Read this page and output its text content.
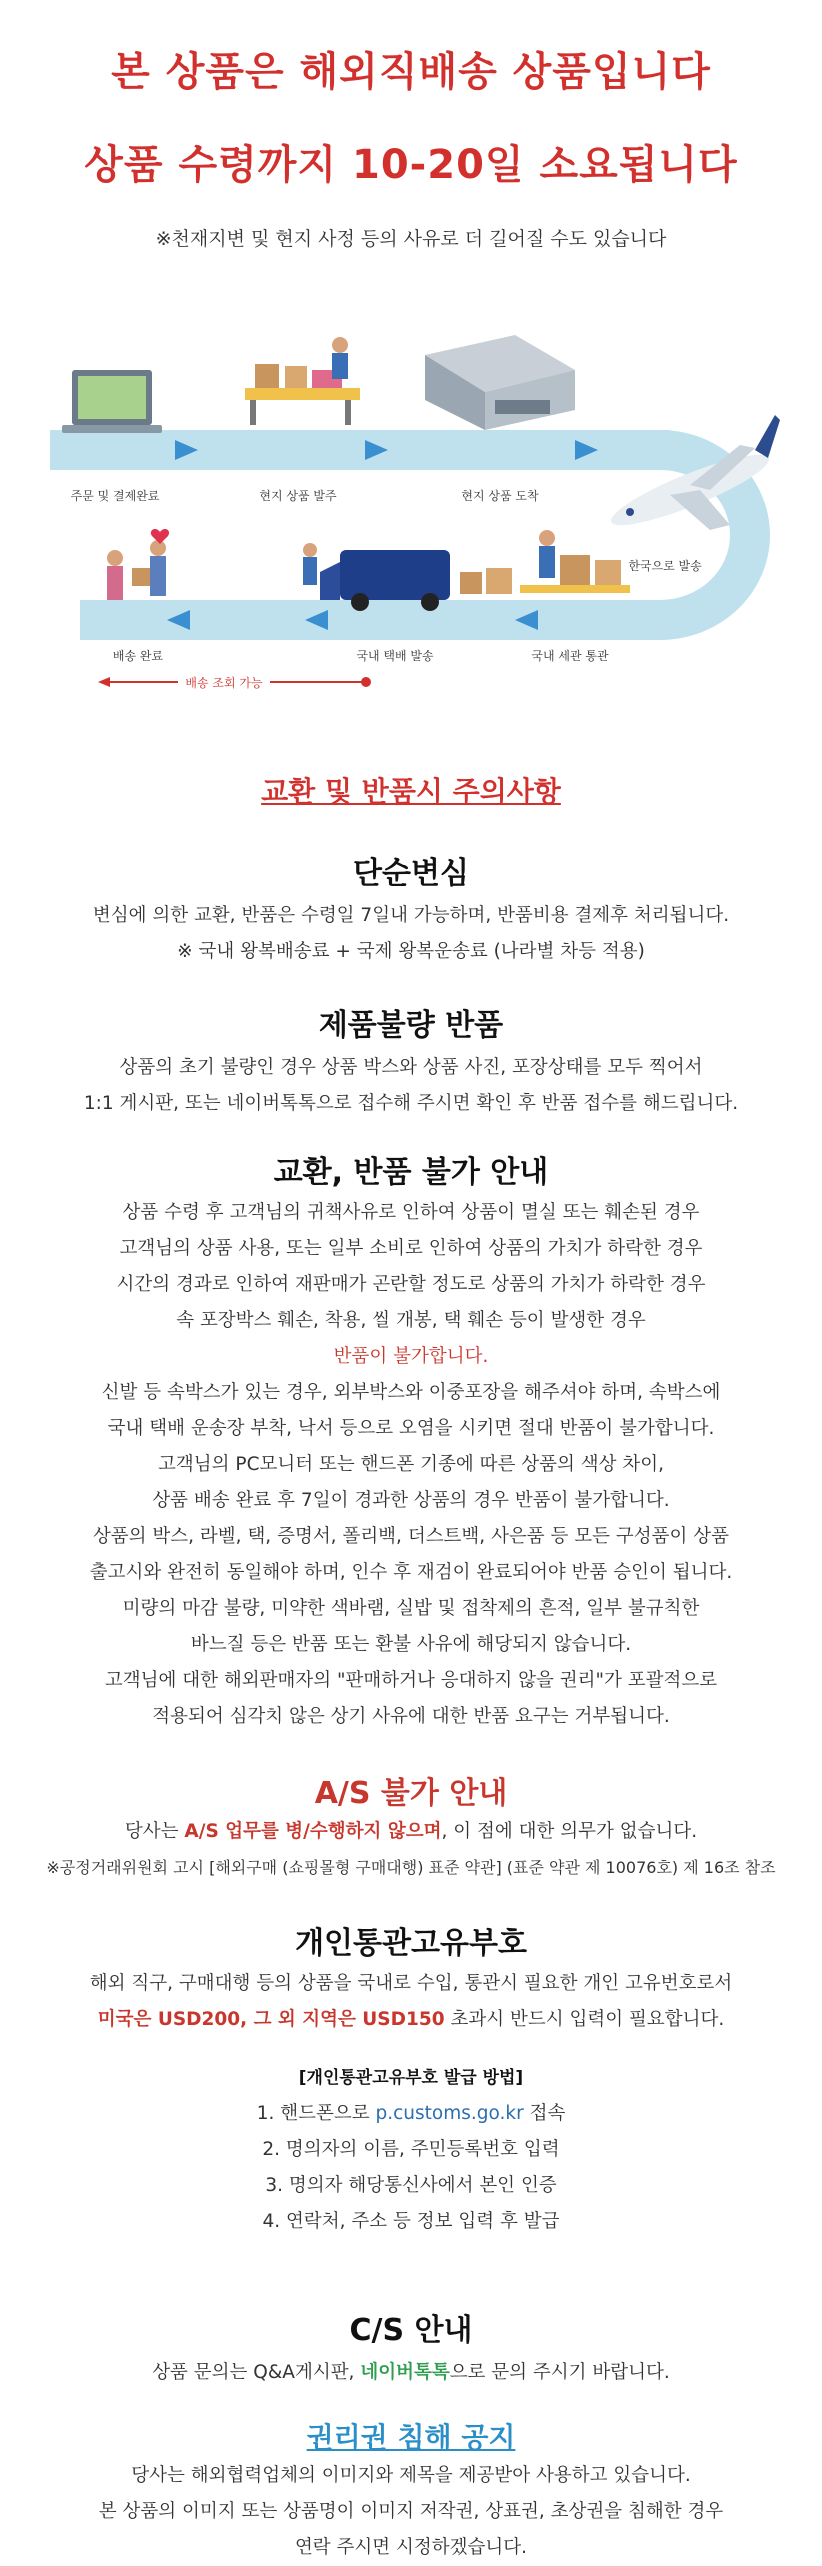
본 상품은 해외직배송 상품입니다
상품 수령까지 10-20일 소요됩니다
※천재지변 및 현지 사정 등의 사유로 더 길어질 수도 있습니다
주문 및 결제완료	현지 상품 발주	현지 상품 도착
한국으로 발송
국내 세관 통관
국내 택배 발송
배송 완료
배송 조회 가능
교환 및 반품시 주의사항
단순변심
변심에 의한 교환, 반품은 수령일 7일내 가능하며, 반품비용 결제후 처리됩니다.
※ 국내 왕복배송료 + 국제 왕복운송료 (나라별 차등 적용)
제품불량 반품
상품의 초기 불량인 경우 상품 박스와 상품 사진, 포장상태를 모두 찍어서
1:1 게시판, 또는 네이버톡톡으로 접수해 주시면 확인 후 반품 접수를 해드립니다.
교환, 반품 불가 안내
상품 수령 후 고객님의 귀책사유로 인하여 상품이 멸실 또는 훼손된 경우
고객님의 상품 사용, 또는 일부 소비로 인하여 상품의 가치가 하락한 경우
시간의 경과로 인하여 재판매가 곤란할 정도로 상품의 가치가 하락한 경우
속 포장박스 훼손, 착용, 씰 개봉, 택 훼손 등이 발생한 경우
반품이 불가합니다.
신발 등 속박스가 있는 경우, 외부박스와 이중포장을 해주셔야 하며, 속박스에
국내 택배 운송장 부착, 낙서 등으로 오염을 시키면 절대 반품이 불가합니다.
고객님의 PC모니터 또는 핸드폰 기종에 따른 상품의 색상 차이,
상품 배송 완료 후 7일이 경과한 상품의 경우 반품이 불가합니다.
상품의 박스, 라벨, 택, 증명서, 폴리백, 더스트백, 사은품 등 모든 구성품이 상품
출고시와 완전히 동일해야 하며, 인수 후 재검이 완료되어야 반품 승인이 됩니다.
미량의 마감 불량, 미약한 색바램, 실밥 및 접착제의 흔적, 일부 불규칙한
바느질 등은 반품 또는 환불 사유에 해당되지 않습니다.
고객님에 대한 해외판매자의 "판매하거나 응대하지 않을 권리"가 포괄적으로
적용되어 심각치 않은 상기 사유에 대한 반품 요구는 거부됩니다.
A/S 불가 안내
당사는 A/S 업무를 병/수행하지 않으며, 이 점에 대한 의무가 없습니다.
※공정거래위원회 고시 [해외구매 (쇼핑몰형 구매대행) 표준 약관] (표준 약관 제 10076호) 제 16조 참조
개인통관고유부호
해외 직구, 구매대행 등의 상품을 국내로 수입, 통관시 필요한 개인 고유번호로서
미국은 USD200, 그 외 지역은 USD150 초과시 반드시 입력이 필요합니다.
[개인통관고유부호 발급 방법]
1. 핸드폰으로 p.customs.go.kr 접속
2. 명의자의 이름, 주민등록번호 입력
3. 명의자 해당통신사에서 본인 인증
4. 연락처, 주소 등 정보 입력 후 발급
C/S 안내
상품 문의는 Q&A게시판, 네이버톡톡으로 문의 주시기 바랍니다.
권리권 침해 공지
당사는 해외협력업체의 이미지와 제목을 제공받아 사용하고 있습니다.
본 상품의 이미지 또는 상품명이 이미지 저작권, 상표권, 초상권을 침해한 경우
연락 주시면 시정하겠습니다.
